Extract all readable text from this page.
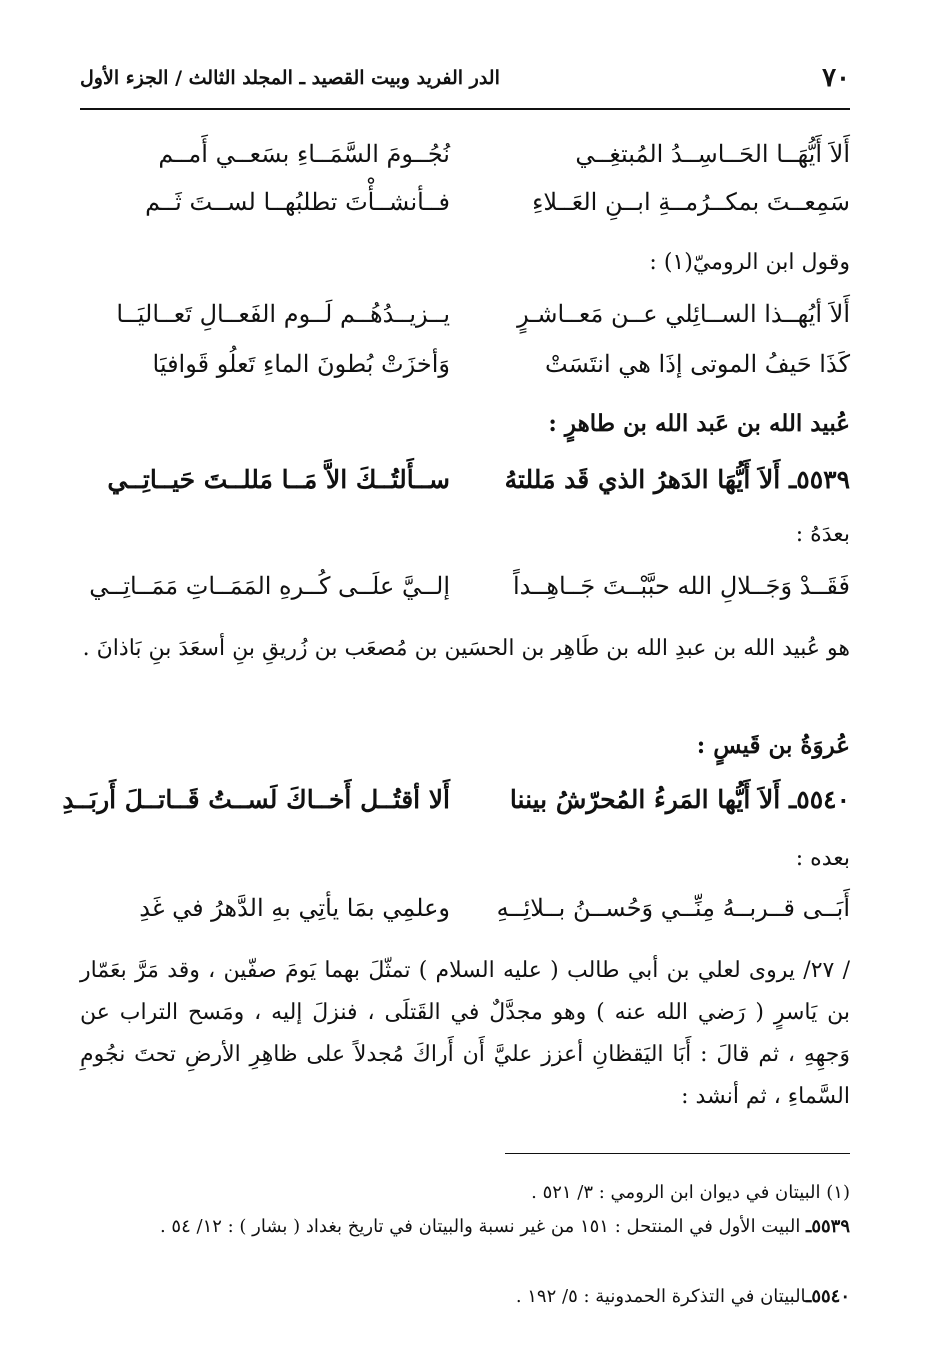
٧٠
الدر الفريد وبيت القصيد ـ المجلد الثالث / الجزء الأول
أَلاَ أَيُّهَــا الحَــاسِــدُ المُبتغِــي
نُجُــومَ السَّمَــاءِ بسَعــي أَمــم
سَمِعــتَ بمكــرُمــةِ ابــنِ العَــلاءِ
فــأنشــأْتَ تطلبُهــا لســتَ ثَــم
وقول ابن الروميّ(١) :
أَلاَ أيُهــذا الســائِلي عــن مَعــاشـرٍ
يــزيــدُهُــم لَــوم الفَعــالِ تَعــاليَــا
كَذَا حَيفُ الموتى إذَا هي انتَسَتْ
وَأخزَتْ بُطونَ الماءِ تَعلُو قَوافيَا
عُبيد الله بن عَبد الله بن طاهرٍ :
٥٥٣٩ـ أَلاَ أَيُّهَا الدَهرُ الذي قَد مَللتهُ
ســأَلتُــكَ الاَّ مَــا مَللــتَ حَيــاتِــي
بعدَهُ :
فَقَــدْ وَجَــلالِ الله حبَّبْــتَ جَــاهِــداً
إلــيَّ علَــى كُــرهِ المَمَــاتِ مَمَــاتِــي
هو عُبيد الله بن عبدِ الله بن طَاهِر بن الحسَين بن مُصعَب بن زُريقِ بنِ أسعَدَ بنِ بَاذانَ .
عُروَةُ بن قَيسٍ :
٥٥٤٠ـ أَلاَ أَيُّها المَرءُ المُحرّشُ بيننا
أَلا أقتُــل أَخــاكَ لَســتُ قَــاتــلَ أَربَــدِ
بعده :
أَبَــى قــربــهُ مِنِّــي وَحُســنُ بــلائِــهِ
وعلمِي بمَا يأتِي بهِ الدَّهرُ في غَدِ
/ ٢٧/ يروى لعلي بن أبي طالب ( عليه السلام ) تمثّلَ بهما يَومَ صفّين ، وقد مَرَّ بعَمّار بن يَاسرٍ ( رَضي الله عنه ) وهو مجدَّلٌ في القَتلَى ، فنزلَ إليه ، ومَسح التراب عن وَجهِهِ ، ثم قالَ : أَبَا اليَقظانِ أعزز عليَّ أَن أَراكَ مُجدلاً على ظاهِرِ الأرضِ تحتَ نجُومِ السَّماءِ ، ثم أنشد :
(١) البيتان في ديوان ابن الرومي : ٣/ ٥٢١ .
٥٥٣٩ـ البيت الأول في المنتحل : ١٥١ من غير نسبة والبيتان في تاريخ بغداد ( بشار ) : ١٢/ ٥٤ .
٥٥٤٠ـالبيتان في التذكرة الحمدونية : ٥/ ١٩٢ .
